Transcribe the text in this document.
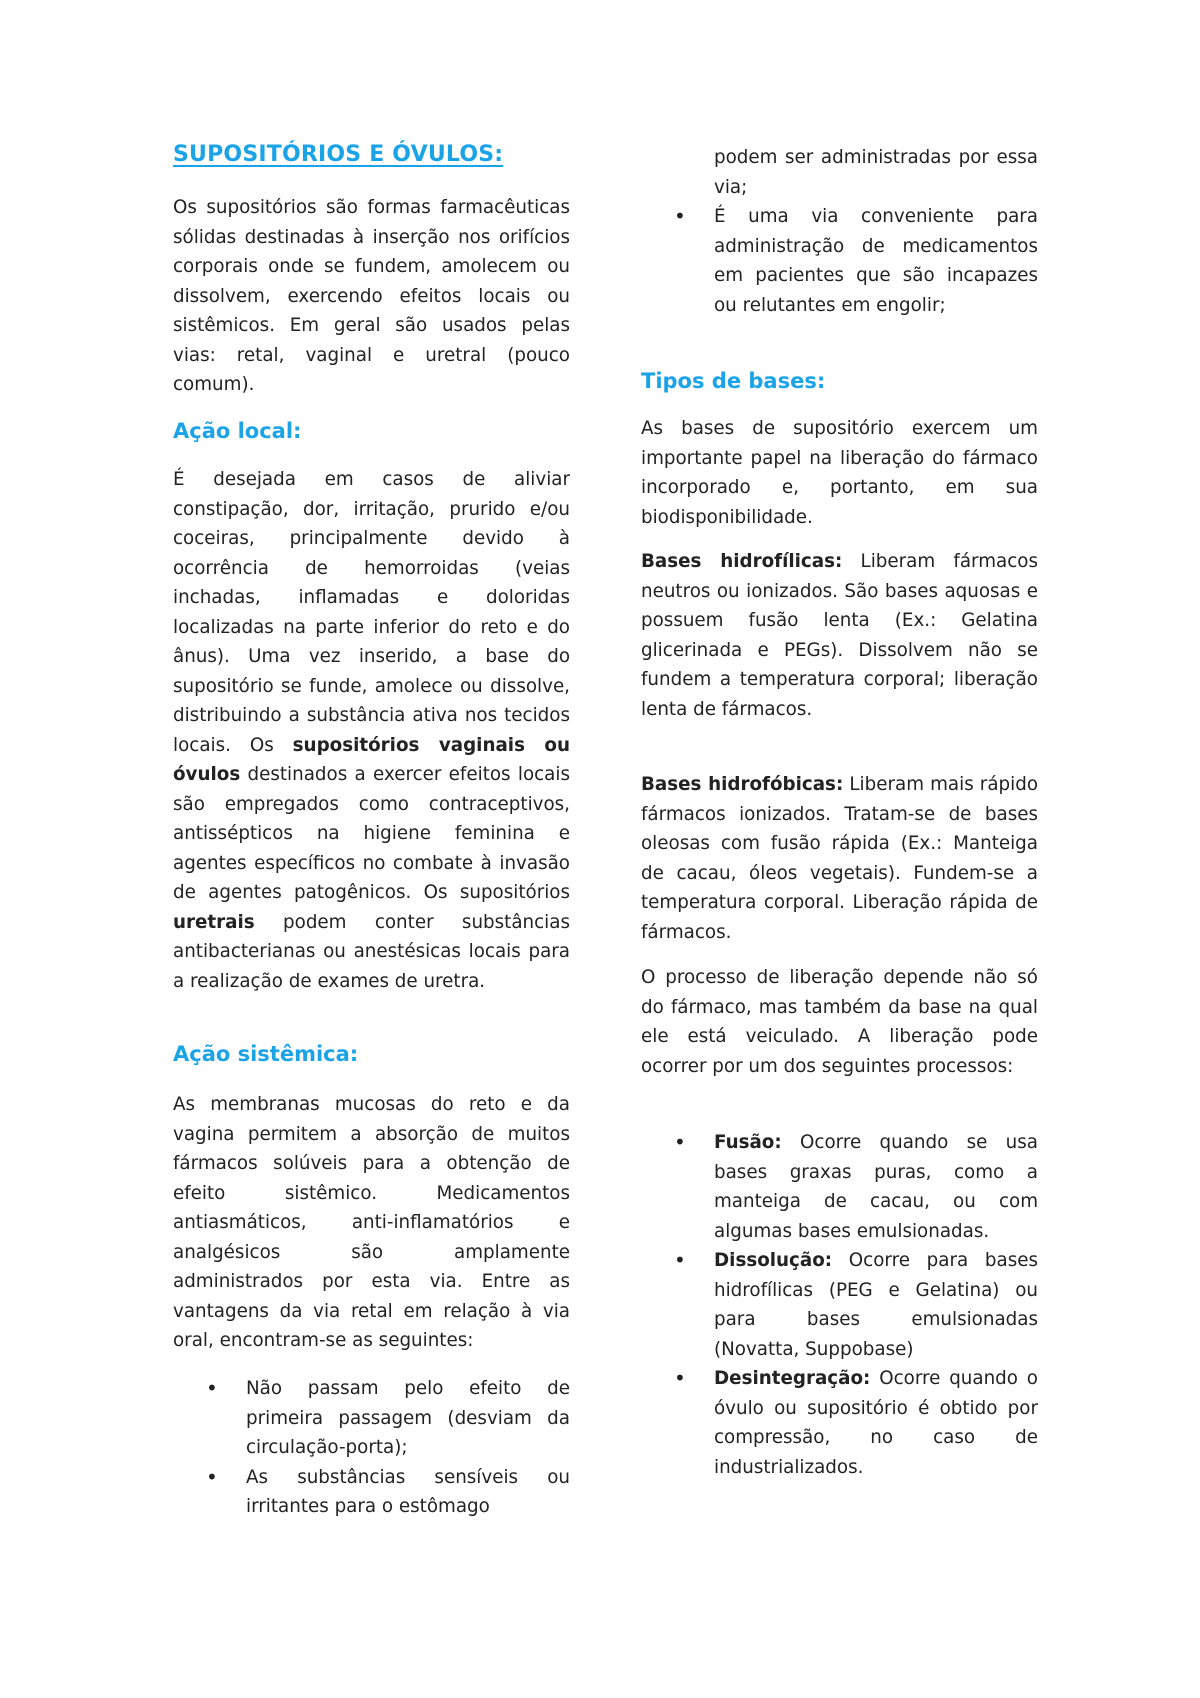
SUPOSITÓRIOS E ÓVULOS:

Os supositórios são formas farmacêuticas sólidas destinadas à inserção nos orifícios corporais onde se fundem, amolecem ou dissolvem, exercendo efeitos locais ou sistêmicos. Em geral são usados pelas vias: retal, vaginal e uretral (pouco comum).

Ação local:

É desejada em casos de aliviar constipação, dor, irritação, prurido e/ou coceiras, principalmente devido à ocorrência de hemorroidas (veias inchadas, inflamadas e doloridas localizadas na parte inferior do reto e do ânus). Uma vez inserido, a base do supositório se funde, amolece ou dissolve, distribuindo a substância ativa nos tecidos locais. Os supositórios vaginais ou óvulos destinados a exercer efeitos locais são empregados como contraceptivos, antissépticos na higiene feminina e agentes específicos no combate à invasão de agentes patogênicos. Os supositórios uretrais podem conter substâncias antibacterianas ou anestésicas locais para a realização de exames de uretra.

Ação sistêmica:

As membranas mucosas do reto e da vagina permitem a absorção de muitos fármacos solúveis para a obtenção de efeito sistêmico. Medicamentos antiasmáticos, anti-inflamatórios e analgésicos são amplamente administrados por esta via. Entre as vantagens da via retal em relação à via oral, encontram-se as seguintes:

• Não passam pelo efeito de primeira passagem (desviam da circulação-porta);
• As substâncias sensíveis ou irritantes para o estômago

podem ser administradas por essa via;

• É uma via conveniente para administração de medicamentos em pacientes que são incapazes ou relutantes em engolir;
Tipos de bases:

As bases de supositório exercem um importante papel na liberação do fármaco incorporado e, portanto, em sua biodisponibilidade.

Bases hidrofílicas: Liberam fármacos neutros ou ionizados. São bases aquosas e possuem fusão lenta (Ex.: Gelatina glicerinada e PEGs). Dissolvem não se fundem a temperatura corporal; liberação lenta de fármacos.

Bases hidrofóbicas: Liberam mais rápido fármacos ionizados. Tratam-se de bases oleosas com fusão rápida (Ex.: Manteiga de cacau, óleos vegetais). Fundem-se a temperatura corporal. Liberação rápida de fármacos.

O processo de liberação depende não só do fármaco, mas também da base na qual ele está veiculado. A liberação pode ocorrer por um dos seguintes processos:

• Fusão: Ocorre quando se usa bases graxas puras, como a manteiga de cacau, ou com algumas bases emulsionadas.
• Dissolução: Ocorre para bases hidrofílicas (PEG e Gelatina) ou para bases emulsionadas (Novatta, Suppobase)
• Desintegração: Ocorre quando o óvulo ou supositório é obtido por compressão, no caso de industrializados.
